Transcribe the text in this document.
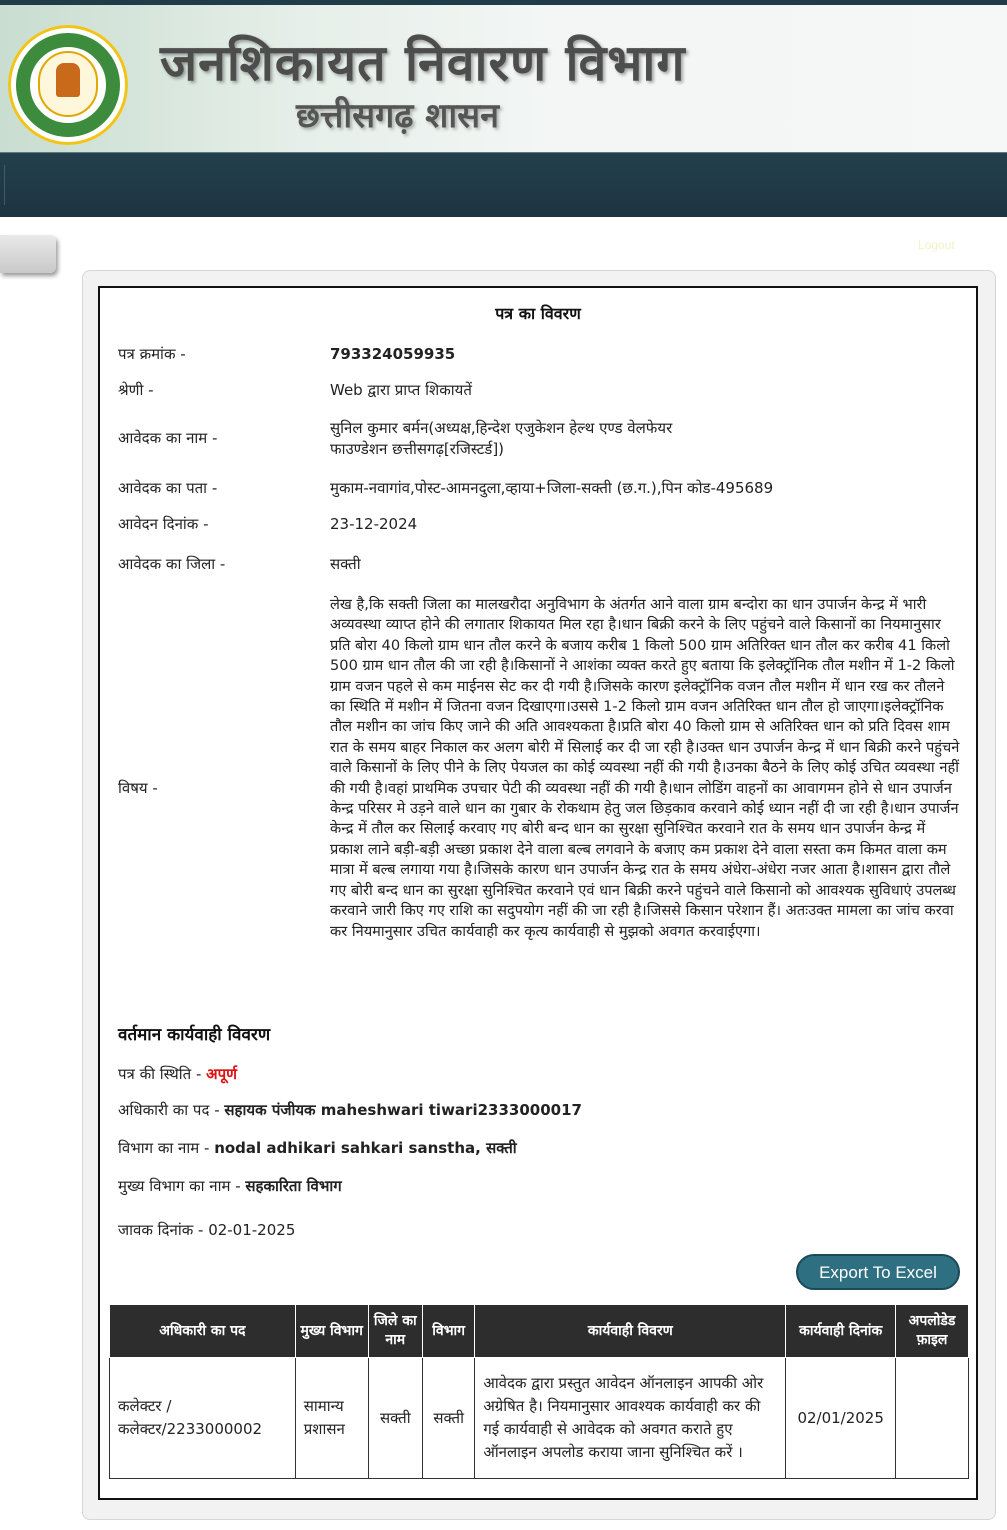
जनशिकायत निवारण विभाग
छत्तीसगढ़ शासन
Logout
पत्र का विवरण
पत्र क्रमांक -	793324059935
श्रेणी -	Web द्वारा प्राप्त शिकायतें
आवेदक का नाम -
सुनिल कुमार बर्मन(अध्यक्ष,हिन्देश एजुकेशन हेल्थ एण्ड वेलफेयर फाउण्डेशन छत्तीसगढ़[रजिस्टर्ड])
आवेदक का पता -	मुकाम-नवागांव,पोस्ट-आमनदुला,व्हाया+जिला-सक्ती (छ.ग.),पिन कोड-495689
आवेदन दिनांक -	23-12-2024
आवेदक का जिला -	सक्ती
विषय -
लेख है,कि सक्ती जिला का मालखरौदा अनुविभाग के अंतर्गत आने वाला ग्राम बन्दोरा का धान उपार्जन केन्द्र में भारी अव्यवस्था व्याप्त होने की लगातार शिकायत मिल रहा है।धान बिक्री करने के लिए पहुंचने वाले किसानों का नियमानुसार प्रति बोरा 40 किलो ग्राम धान तौल करने के बजाय करीब 1 किलो 500 ग्राम अतिरिक्त धान तौल कर करीब 41 किलो 500 ग्राम धान तौल की जा रही है।किसानों ने आशंका व्यक्त करते हुए बताया कि इलेक्ट्रॉनिक तौल मशीन में 1-2 किलो ग्राम वजन पहले से कम माईनस सेट कर दी गयी है।जिसके कारण इलेक्ट्रॉनिक वजन तौल मशीन में धान रख कर तौलने का स्थिति में मशीन में जितना वजन दिखाएगा।उससे 1-2 किलो ग्राम वजन अतिरिक्त धान तौल हो जाएगा।इलेक्ट्रॉनिक तौल मशीन का जांच किए जाने की अति आवश्यकता है।प्रति बोरा 40 किलो ग्राम से अतिरिक्त धान को प्रति दिवस शाम रात के समय बाहर निकाल कर अलग बोरी में सिलाई कर दी जा रही है।उक्त धान उपार्जन केन्द्र में धान बिक्री करने पहुंचने वाले किसानों के लिए पीने के लिए पेयजल का कोई व्यवस्था नहीं की गयी है।उनका बैठने के लिए कोई उचित व्यवस्था नहीं की गयी है।वहां प्राथमिक उपचार पेटी की व्यवस्था नहीं की गयी है।धान लोडिंग वाहनों का आवागमन होने से धान उपार्जन केन्द्र परिसर मे उड़ने वाले धान का गुबार के रोकथाम हेतु जल छिड़काव करवाने कोई ध्यान नहीं दी जा रही है।धान उपार्जन केन्द्र में तौल कर सिलाई करवाए गए बोरी बन्द धान का सुरक्षा सुनिश्चित करवाने रात के समय धान उपार्जन केन्द्र में प्रकाश लाने बड़ी-बड़ी अच्छा प्रकाश देने वाला बल्ब लगवाने के बजाए कम प्रकाश देने वाला सस्ता कम किमत वाला कम मात्रा में बल्ब लगाया गया है।जिसके कारण धान उपार्जन केन्द्र रात के समय अंधेरा-अंधेरा नजर आता है।शासन द्वारा तौले गए बोरी बन्द धान का सुरक्षा सुनिश्चित करवाने एवं धान बिक्री करने पहुंचने वाले किसानो को आवश्यक सुविधाएं उपलब्ध करवाने जारी किए गए राशि का सदुपयोग नहीं की जा रही है।जिससे किसान परेशान हैं। अतःउक्त मामला का जांच करवा कर नियमानुसार उचित कार्यवाही कर कृत्य कार्यवाही से मुझको अवगत करवाईएगा।
वर्तमान कार्यवाही विवरण
पत्र की स्थिति - अपूर्ण
अधिकारी का पद - सहायक पंजीयक maheshwari tiwari2333000017
विभाग का नाम - nodal adhikari sahkari sanstha, सक्ती
मुख्य विभाग का नाम - सहकारिता विभाग
जावक दिनांक - 02-01-2025
Export To Excel
अधिकारी का पद	मुख्य विभाग	जिले का नाम	विभाग	कार्यवाही विवरण	कार्यवाही दिनांक	अपलोडेड फ़ाइल
कलेक्टर / कलेक्टर/2233000002	सामान्य प्रशासन	सक्ती	सक्ती	आवेदक द्वारा प्रस्तुत आवेदन ऑनलाइन आपकी ओर अग्रेषित है। नियमानुसार आवश्यक कार्यवाही कर की गई कार्यवाही से आवेदक को अवगत कराते हुए ऑनलाइन अपलोड कराया जाना सुनिश्चित करें ।	02/01/2025	
